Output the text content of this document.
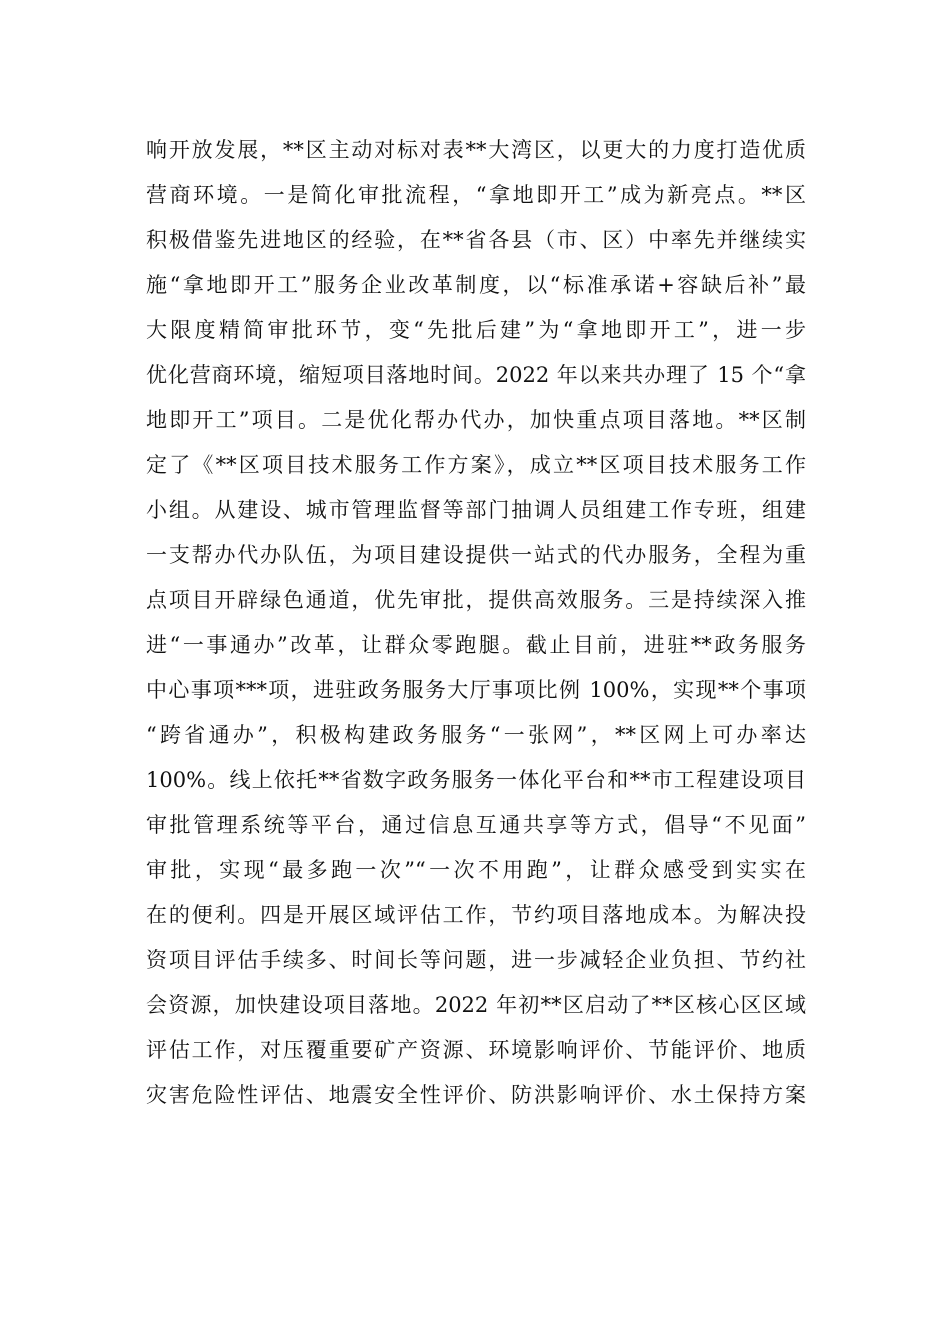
响开放发展，**区主动对标对表**大湾区，以更大的力度打造优质
营商环境。一是简化审批流程，“拿地即开工”成为新亮点。**区
积极借鉴先进地区的经验，在**省各县（市、区）中率先并继续实
施“拿地即开工”服务企业改革制度，以“标准承诺+容缺后补”最
大限度精简审批环节，变“先批后建”为“拿地即开工”，进一步
优化营商环境，缩短项目落地时间。2022 年以来共办理了 15 个“拿
地即开工”项目。二是优化帮办代办，加快重点项目落地。**区制
定了《**区项目技术服务工作方案》，成立**区项目技术服务工作
小组。从建设、城市管理监督等部门抽调人员组建工作专班，组建
一支帮办代办队伍，为项目建设提供一站式的代办服务，全程为重
点项目开辟绿色通道，优先审批，提供高效服务。三是持续深入推
进“一事通办”改革，让群众零跑腿。截止目前，进驻**政务服务
中心事项***项，进驻政务服务大厅事项比例 100%，实现**个事项
“跨省通办”，积极构建政务服务“一张网”，**区网上可办率达
100%。线上依托**省数字政务服务一体化平台和**市工程建设项目
审批管理系统等平台，通过信息互通共享等方式，倡导“不见面”
审批，实现“最多跑一次”“一次不用跑”，让群众感受到实实在
在的便利。四是开展区域评估工作，节约项目落地成本。为解决投
资项目评估手续多、时间长等问题，进一步减轻企业负担、节约社
会资源，加快建设项目落地。2022 年初**区启动了**区核心区区域
评估工作，对压覆重要矿产资源、环境影响评价、节能评价、地质
灾害危险性评估、地震安全性评价、防洪影响评价、水土保持方案
